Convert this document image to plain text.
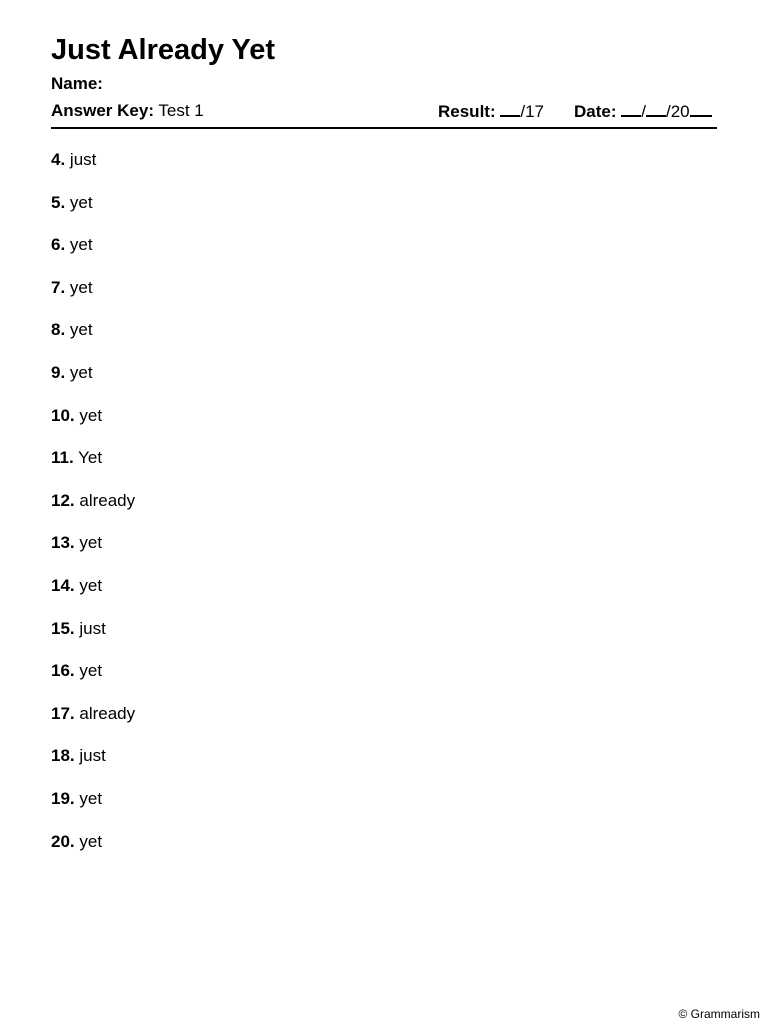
Just Already Yet
Name:
Answer Key: Test 1	Result: /17 Date: / /20
4. just
5. yet
6. yet
7. yet
8. yet
9. yet
10. yet
11. Yet
12. already
13. yet
14. yet
15. just
16. yet
17. already
18. just
19. yet
20. yet
© Grammarism
